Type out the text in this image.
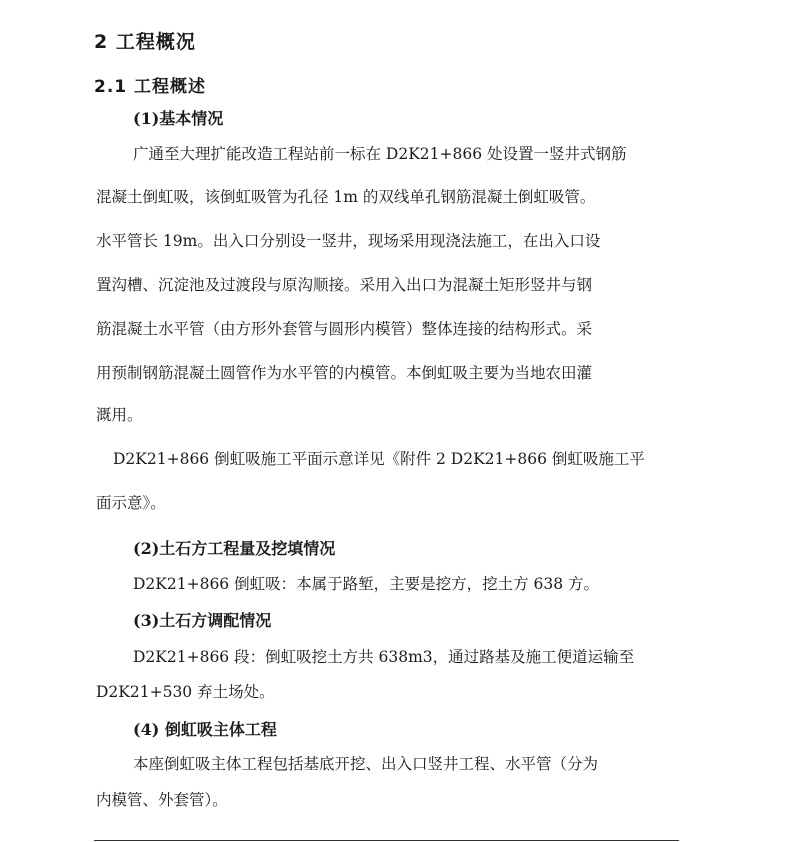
2 工程概况
2.1 工程概述
(1)基本情况
广通至大理扩能改造工程站前一标在 D2K21+866 处设置一竖井式钢筋
混凝土倒虹吸，该倒虹吸管为孔径 1m 的双线单孔钢筋混凝土倒虹吸管。
水平管长 19m。出入口分别设一竖井，现场采用现浇法施工，在出入口设
置沟槽、沉淀池及过渡段与原沟顺接。采用入出口为混凝土矩形竖井与钢
筋混凝土水平管（由方形外套管与圆形内模管）整体连接的结构形式。采
用预制钢筋混凝土圆管作为水平管的内模管。本倒虹吸主要为当地农田灌
溉用。
D2K21+866 倒虹吸施工平面示意详见《附件 2 D2K21+866 倒虹吸施工平
面示意》。
(2)土石方工程量及挖填情况
D2K21+866 倒虹吸：本属于路堑，主要是挖方，挖土方 638 方。
(3)土石方调配情况
D2K21+866 段：倒虹吸挖土方共 638m3，通过路基及施工便道运输至
D2K21+530 弃土场处。
(4) 倒虹吸主体工程
本座倒虹吸主体工程包括基底开挖、出入口竖井工程、水平管（分为
内模管、外套管）。
